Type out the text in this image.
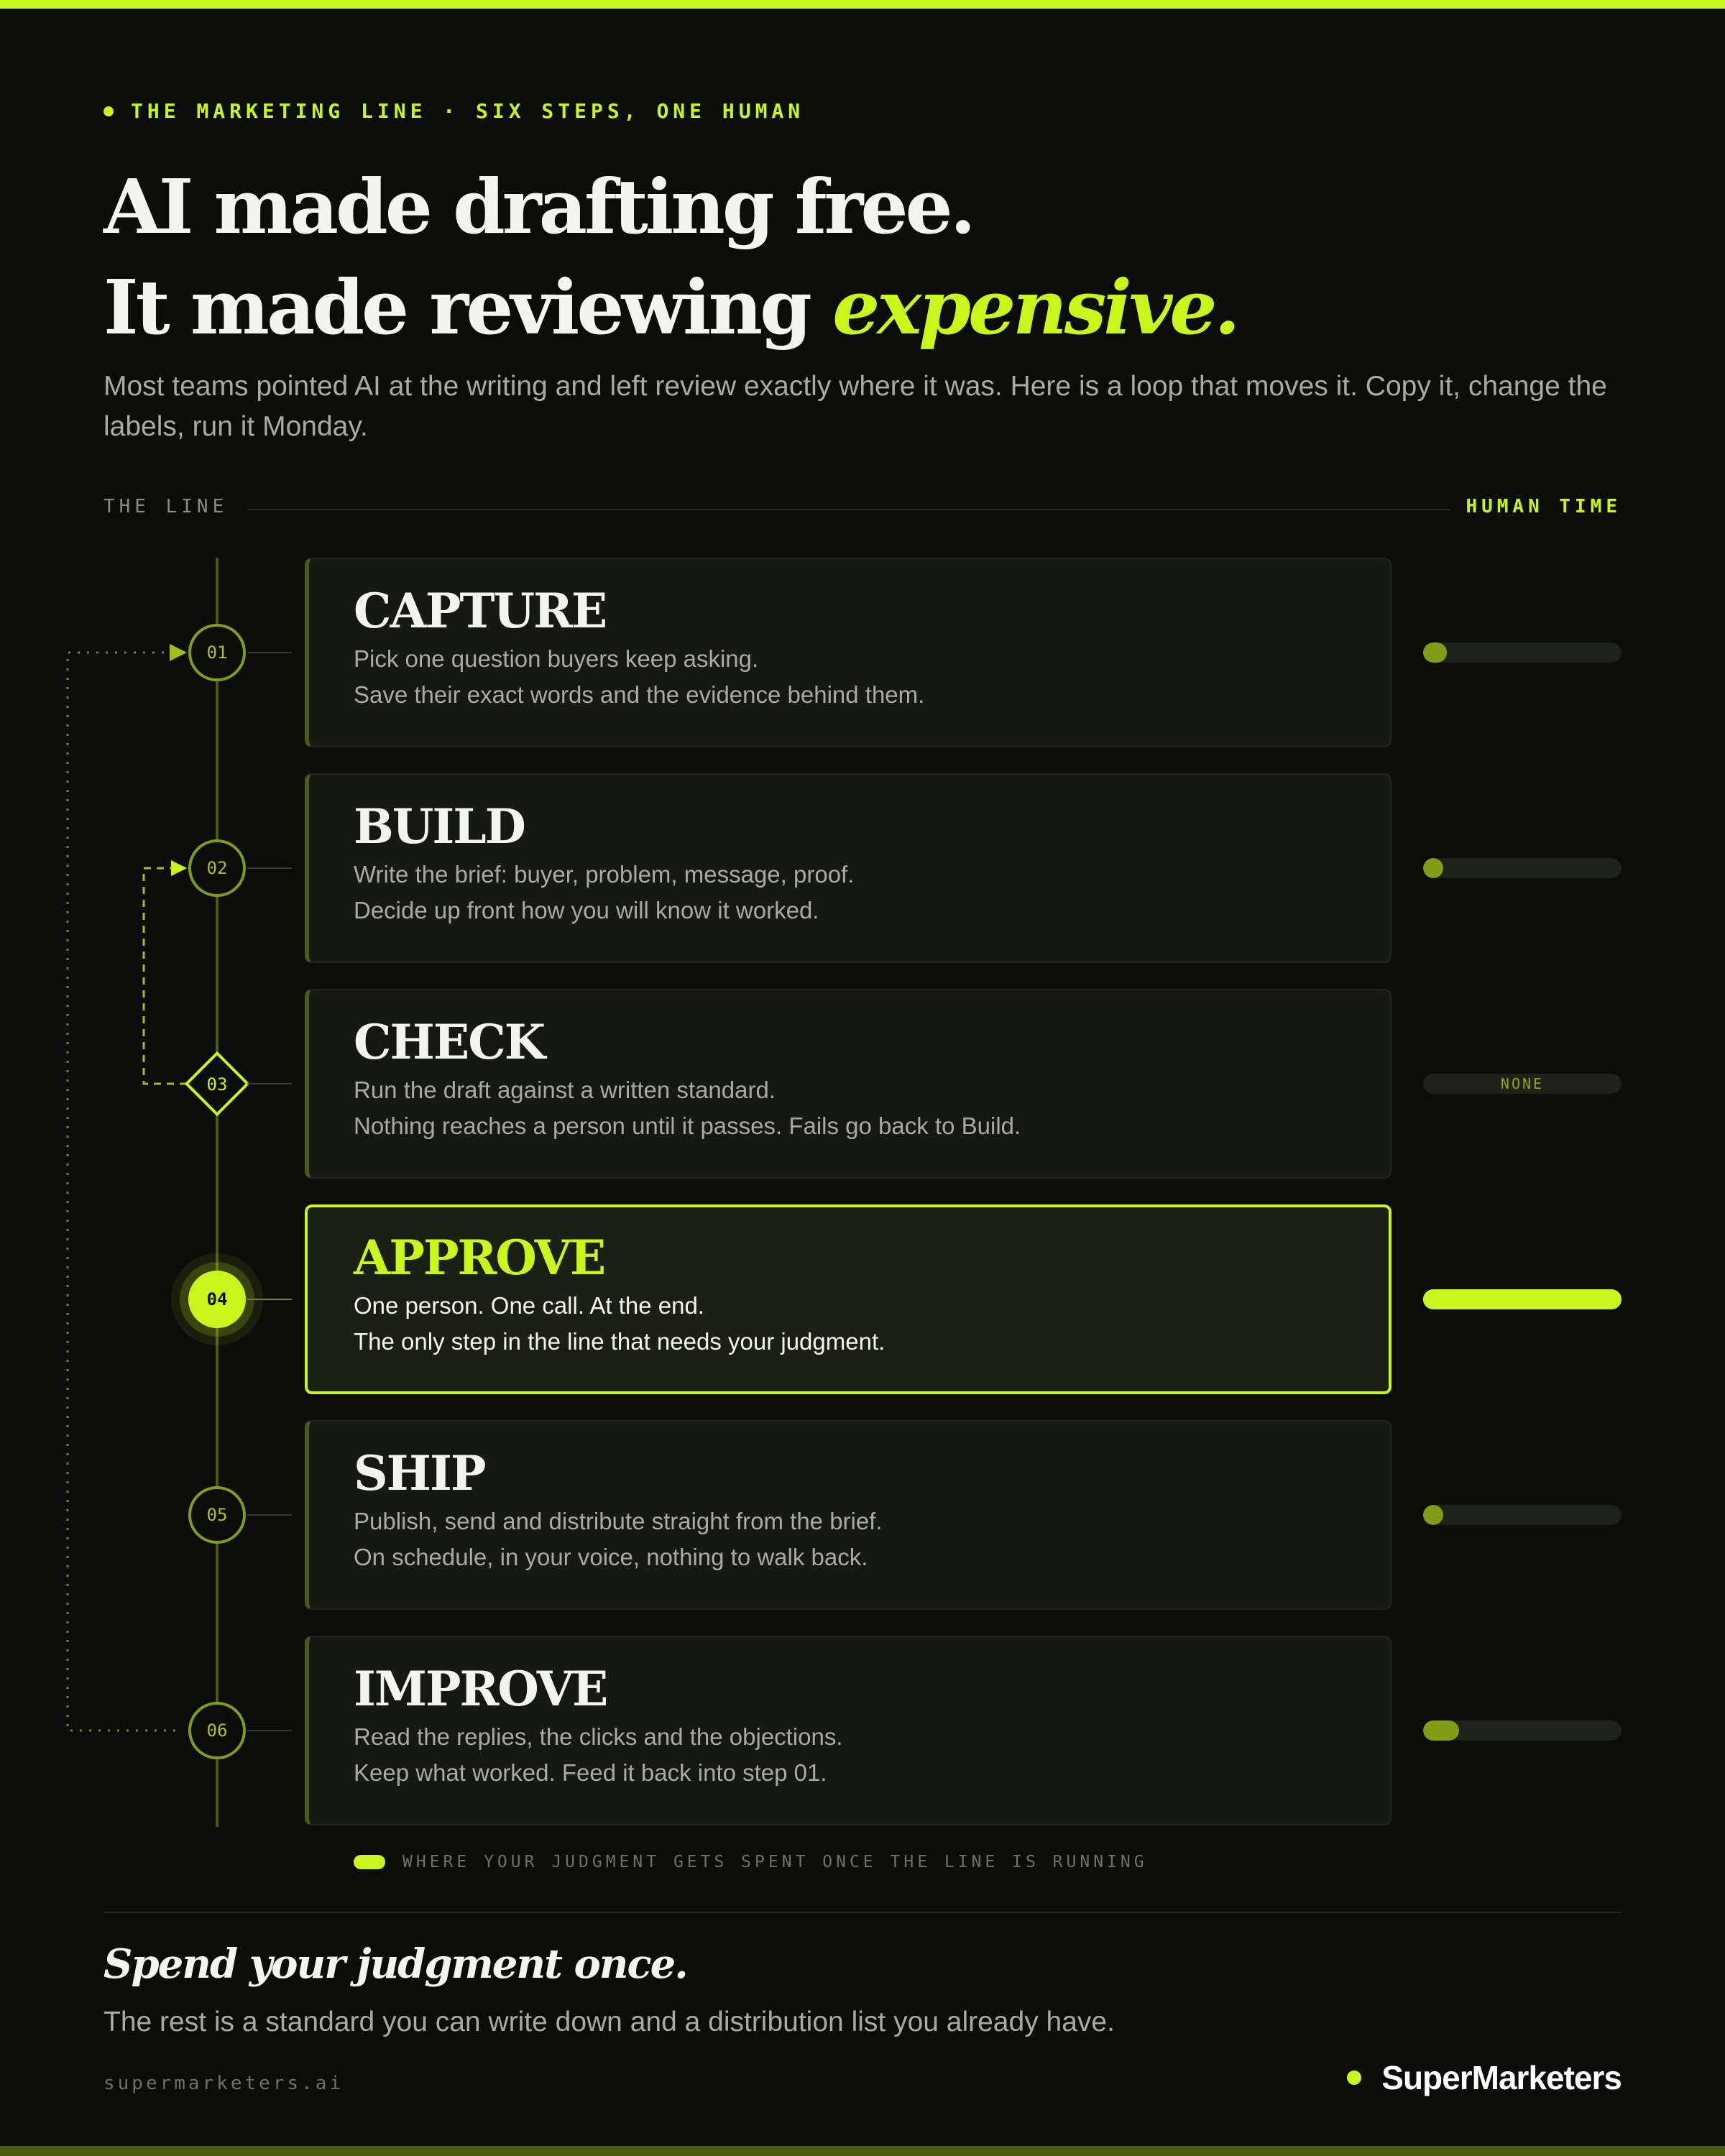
THE MARKETING LINE · SIX STEPS, ONE HUMAN
AI made drafting free.
It made reviewing expensive.

Most teams pointed AI at the writing and left review exactly where it was. Here is a loop that moves it. Copy it, change the labels, run it Monday.

THE LINE	HUMAN TIME
01
CAPTURE

Pick one question buyers keep asking.

Save their exact words and the evidence behind them.

02
BUILD

Write the brief: buyer, problem, message, proof.

Decide up front how you will know it worked.

03
CHECK

Run the draft against a written standard.

Nothing reaches a person until it passes. Fails go back to Build.

NONE
04
APPROVE

One person. One call. At the end.

The only step in the line that needs your judgment.

05
SHIP

Publish, send and distribute straight from the brief.

On schedule, in your voice, nothing to walk back.

06
IMPROVE

Read the replies, the clicks and the objections.

Keep what worked. Feed it back into step 01.

WHERE YOUR JUDGMENT GETS SPENT ONCE THE LINE IS RUNNING
Spend your judgment once.
The rest is a standard you can write down and a distribution list you already have.
supermarketers.ai	SuperMarketers
